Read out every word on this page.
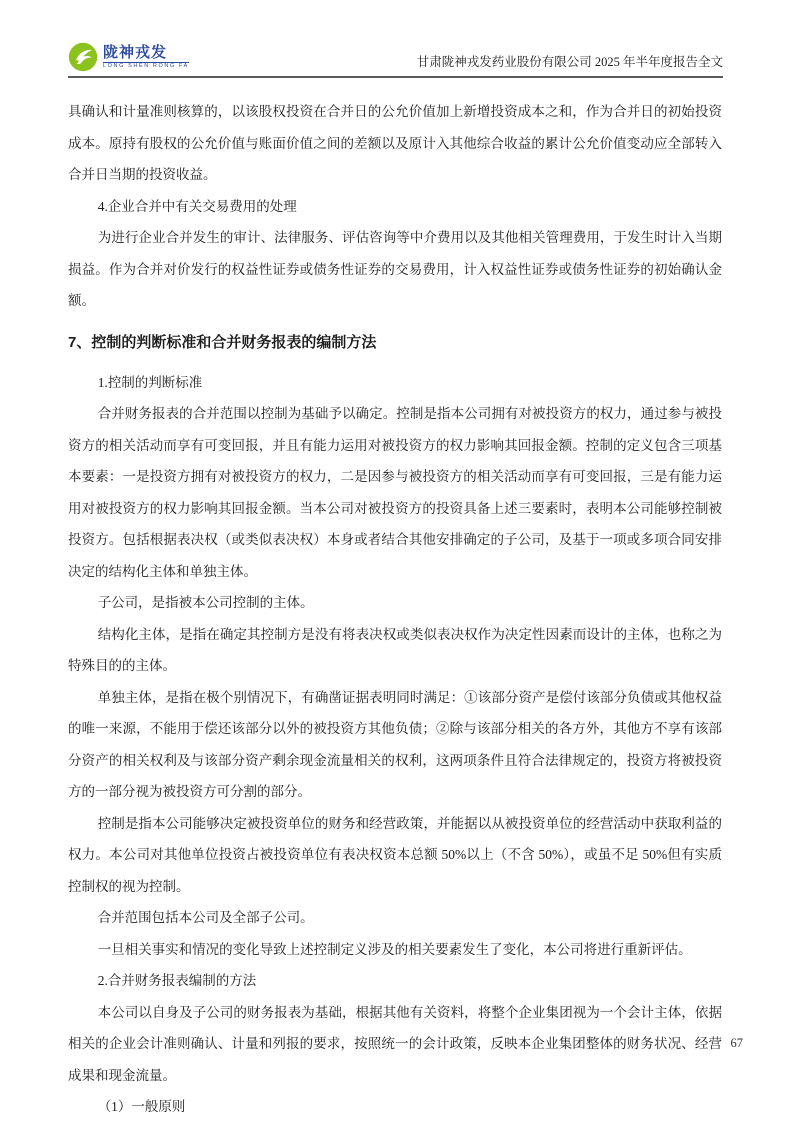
陇神戎发
LONG SHEN RONG FA	甘肃陇神戎发药业股份有限公司 2025 年半年度报告全文

具确认和计量准则核算的，以该股权投资在合并日的公允价值加上新增投资成本之和，作为合并日的初始投资成本。原持有股权的公允价值与账面价值之间的差额以及原计入其他综合收益的累计公允价值变动应全部转入合并日当期的投资收益。

4.企业合并中有关交易费用的处理

为进行企业合并发生的审计、法律服务、评估咨询等中介费用以及其他相关管理费用，于发生时计入当期损益。作为合并对价发行的权益性证券或债务性证券的交易费用，计入权益性证券或债务性证券的初始确认金额。

7、控制的判断标准和合并财务报表的编制方法

1.控制的判断标准

合并财务报表的合并范围以控制为基础予以确定。控制是指本公司拥有对被投资方的权力，通过参与被投资方的相关活动而享有可变回报，并且有能力运用对被投资方的权力影响其回报金额。控制的定义包含三项基本要素：一是投资方拥有对被投资方的权力，二是因参与被投资方的相关活动而享有可变回报，三是有能力运用对被投资方的权力影响其回报金额。当本公司对被投资方的投资具备上述三要素时，表明本公司能够控制被投资方。包括根据表决权（或类似表决权）本身或者结合其他安排确定的子公司，及基于一项或多项合同安排决定的结构化主体和单独主体。

子公司，是指被本公司控制的主体。

结构化主体，是指在确定其控制方是没有将表决权或类似表决权作为决定性因素而设计的主体，也称之为特殊目的的主体。

单独主体，是指在极个别情况下，有确凿证据表明同时满足：①该部分资产是偿付该部分负债或其他权益的唯一来源，不能用于偿还该部分以外的被投资方其他负债；②除与该部分相关的各方外，其他方不享有该部分资产的相关权利及与该部分资产剩余现金流量相关的权利，这两项条件且符合法律规定的，投资方将被投资方的一部分视为被投资方可分割的部分。

控制是指本公司能够决定被投资单位的财务和经营政策，并能据以从被投资单位的经营活动中获取利益的权力。本公司对其他单位投资占被投资单位有表决权资本总额 50%以上（不含 50%），或虽不足 50%但有实质控制权的视为控制。

合并范围包括本公司及全部子公司。

一旦相关事实和情况的变化导致上述控制定义涉及的相关要素发生了变化，本公司将进行重新评估。

2.合并财务报表编制的方法

本公司以自身及子公司的财务报表为基础，根据其他有关资料，将整个企业集团视为一个会计主体，依据相关的企业会计准则确认、计量和列报的要求，按照统一的会计政策，反映本企业集团整体的财务状况、经营成果和现金流量。

（1）一般原则

67
